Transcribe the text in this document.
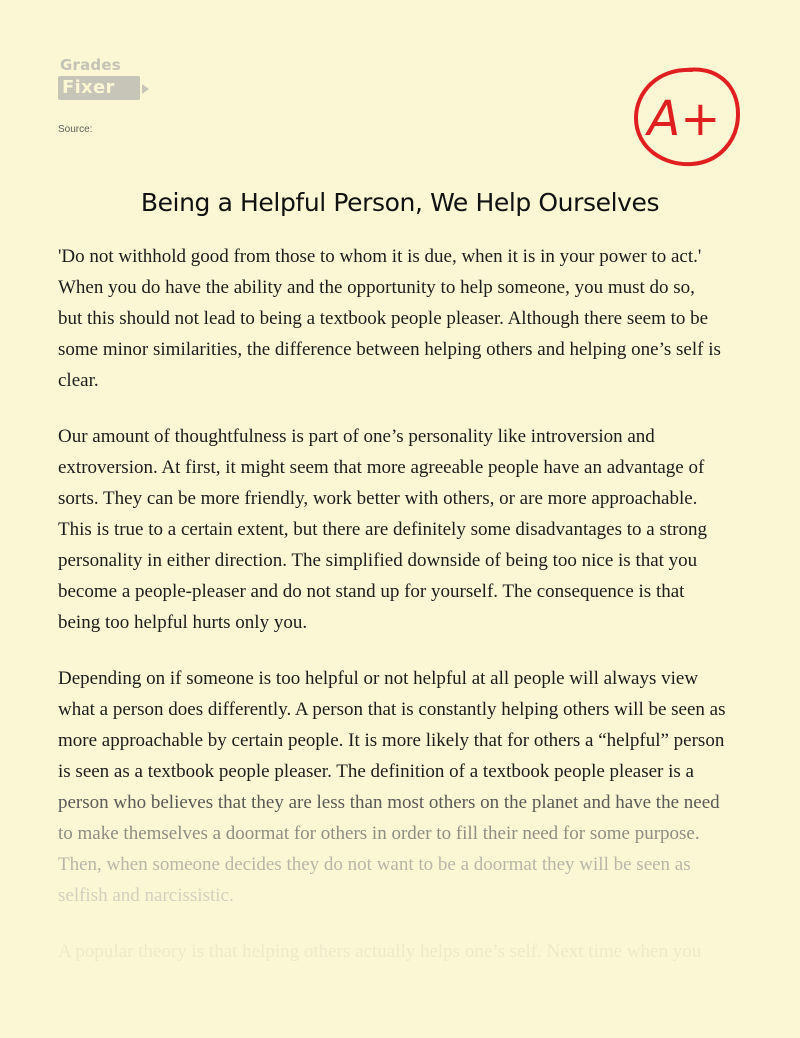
Grades
Fixer
Source:	A+
Being a Helpful Person, We Help Ourselves

'Do not withhold good from those to whom it is due, when it is in your power to act.'
When you do have the ability and the opportunity to help someone, you must do so,
but this should not lead to being a textbook people pleaser. Although there seem to be
some minor similarities, the difference between helping others and helping one’s self is
clear.

Our amount of thoughtfulness is part of one’s personality like introversion and
extroversion. At first, it might seem that more agreeable people have an advantage of
sorts. They can be more friendly, work better with others, or are more approachable.
This is true to a certain extent, but there are definitely some disadvantages to a strong
personality in either direction. The simplified downside of being too nice is that you
become a people-pleaser and do not stand up for yourself. The consequence is that
being too helpful hurts only you.

Depending on if someone is too helpful or not helpful at all people will always view
what a person does differently. A person that is constantly helping others will be seen as
more approachable by certain people. It is more likely that for others a “helpful” person
is seen as a textbook people pleaser. The definition of a textbook people pleaser is a
person who believes that they are less than most others on the planet and have the need
to make themselves a doormat for others in order to fill their need for some purpose.
Then, when someone decides they do not want to be a doormat they will be seen as
selfish and narcissistic.

A popular theory is that helping others actually helps one’s self. Next time when you
